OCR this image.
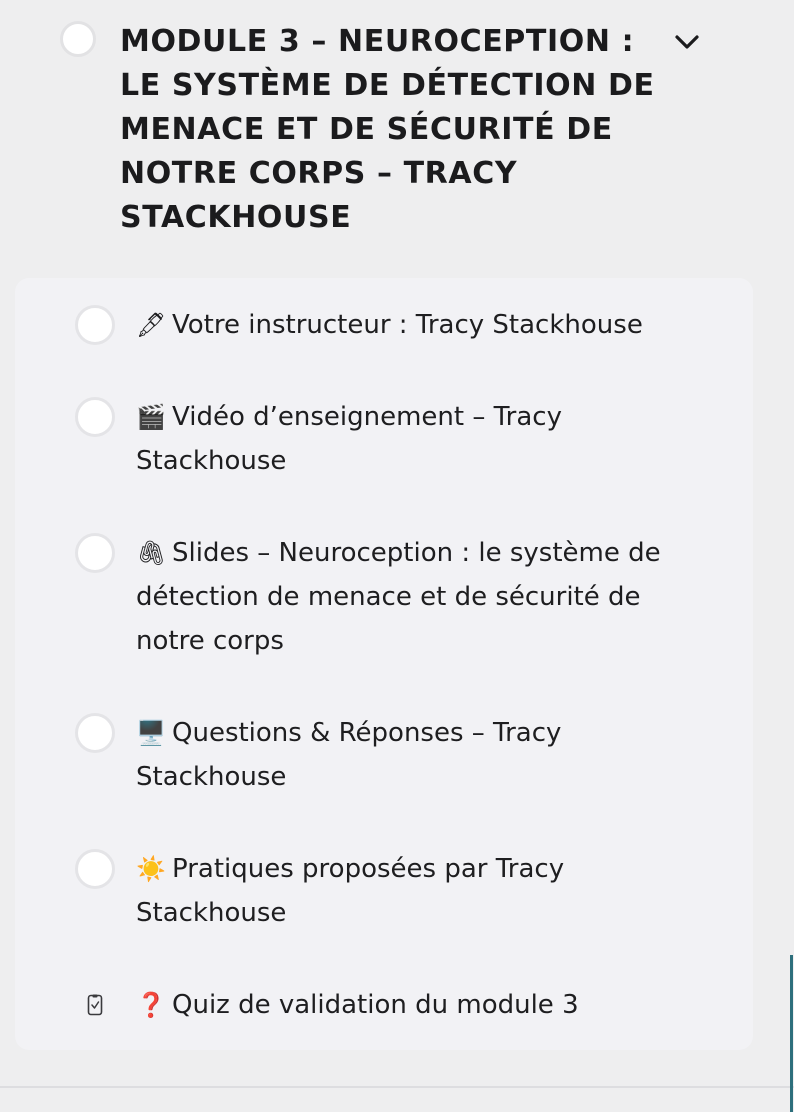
MODULE 3 – NEUROCEPTION : LE SYSTÈME DE DÉTECTION DE MENACE ET DE SÉCURITÉ DE NOTRE CORPS – TRACY STACKHOUSE

🖋 Votre instructeur : Tracy Stackhouse

🎬 Vidéo d’enseignement – Tracy Stackhouse

🖇 Slides – Neuroception : le système de détection de menace et de sécurité de notre corps

🖥️ Questions & Réponses – Tracy Stackhouse

☀️ Pratiques proposées par Tracy Stackhouse

❓ Quiz de validation du module 3
